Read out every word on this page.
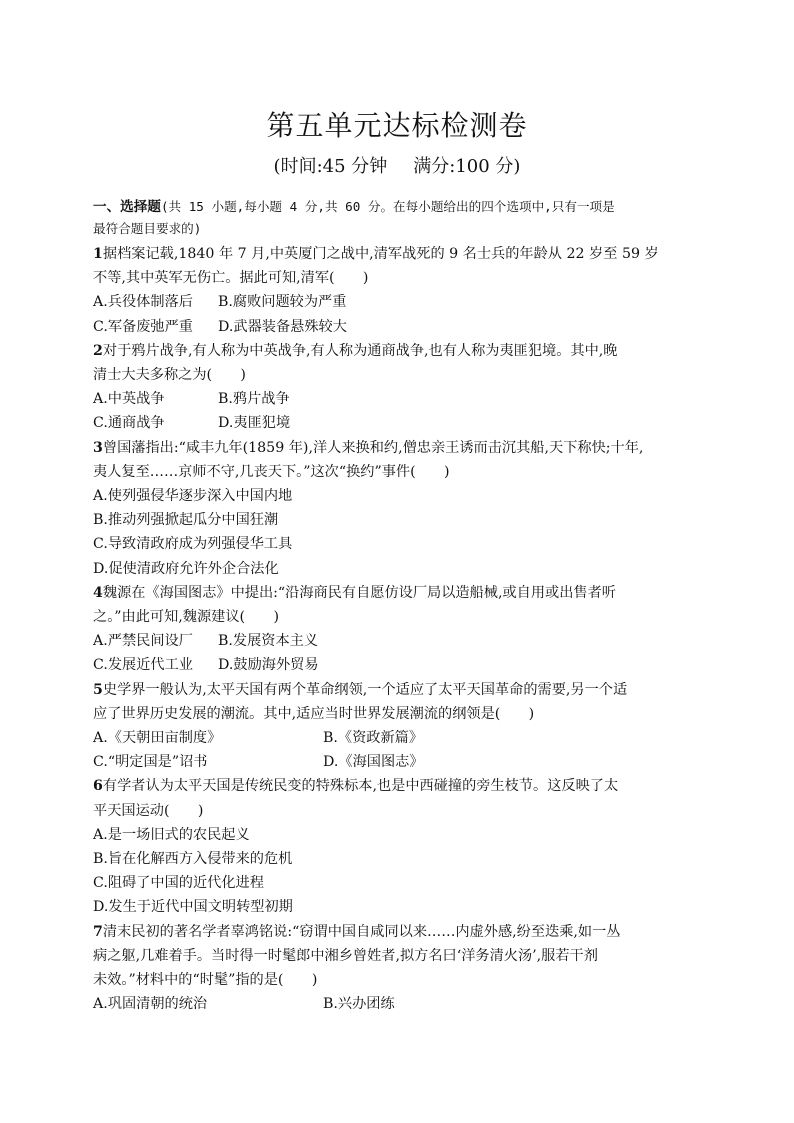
第五单元达标检测卷
(时间:45 分钟 满分:100 分)
一、选择题(共 15 小题,每小题 4 分,共 60 分。在每小题给出的四个选项中,只有一项是
最符合题目要求的)

1据档案记载,1840 年 7 月,中英厦门之战中,清军战死的 9 名士兵的年龄从 22 岁至 59 岁

不等,其中英军无伤亡。据此可知,清军(　　)

A.兵役体制落后	B.腐败问题较为严重
C.军备废弛严重	D.武器装备悬殊较大

2对于鸦片战争,有人称为中英战争,有人称为通商战争,也有人称为夷匪犯境。其中,晚

清士大夫多称之为(　　)

A.中英战争	B.鸦片战争
C.通商战争	D.夷匪犯境

3曾国藩指出:“咸丰九年(1859 年),洋人来换和约,僧忠亲王诱而击沉其船,天下称快;十年,

夷人复至……京师不守,几丧天下。”这次“换约”事件(　　)

A.使列强侵华逐步深入中国内地

B.推动列强掀起瓜分中国狂潮

C.导致清政府成为列强侵华工具

D.促使清政府允许外企合法化

4魏源在《海国图志》中提出:“沿海商民有自愿仿设厂局以造船械,或自用或出售者听

之。”由此可知,魏源建议(　　)

A.严禁民间设厂	B.发展资本主义
C.发展近代工业	D.鼓励海外贸易

5史学界一般认为,太平天国有两个革命纲领,一个适应了太平天国革命的需要,另一个适

应了世界历史发展的潮流。其中,适应当时世界发展潮流的纲领是(　　)

A.《天朝田亩制度》	B.《资政新篇》
C.“明定国是”诏书	D.《海国图志》

6有学者认为太平天国是传统民变的特殊标本,也是中西碰撞的旁生枝节。这反映了太

平天国运动(　　)

A.是一场旧式的农民起义

B.旨在化解西方入侵带来的危机

C.阻碍了中国的近代化进程

D.发生于近代中国文明转型初期

7清末民初的著名学者辜鸿铭说:“窃谓中国自咸同以来……内虚外感,纷至迭乘,如一丛

病之躯,几难着手。当时得一时髦郎中湘乡曾姓者,拟方名曰‘洋务清火汤’,服若干剂

未效。”材料中的“时髦”指的是(　　)

A.巩固清朝的统治	B.兴办团练
